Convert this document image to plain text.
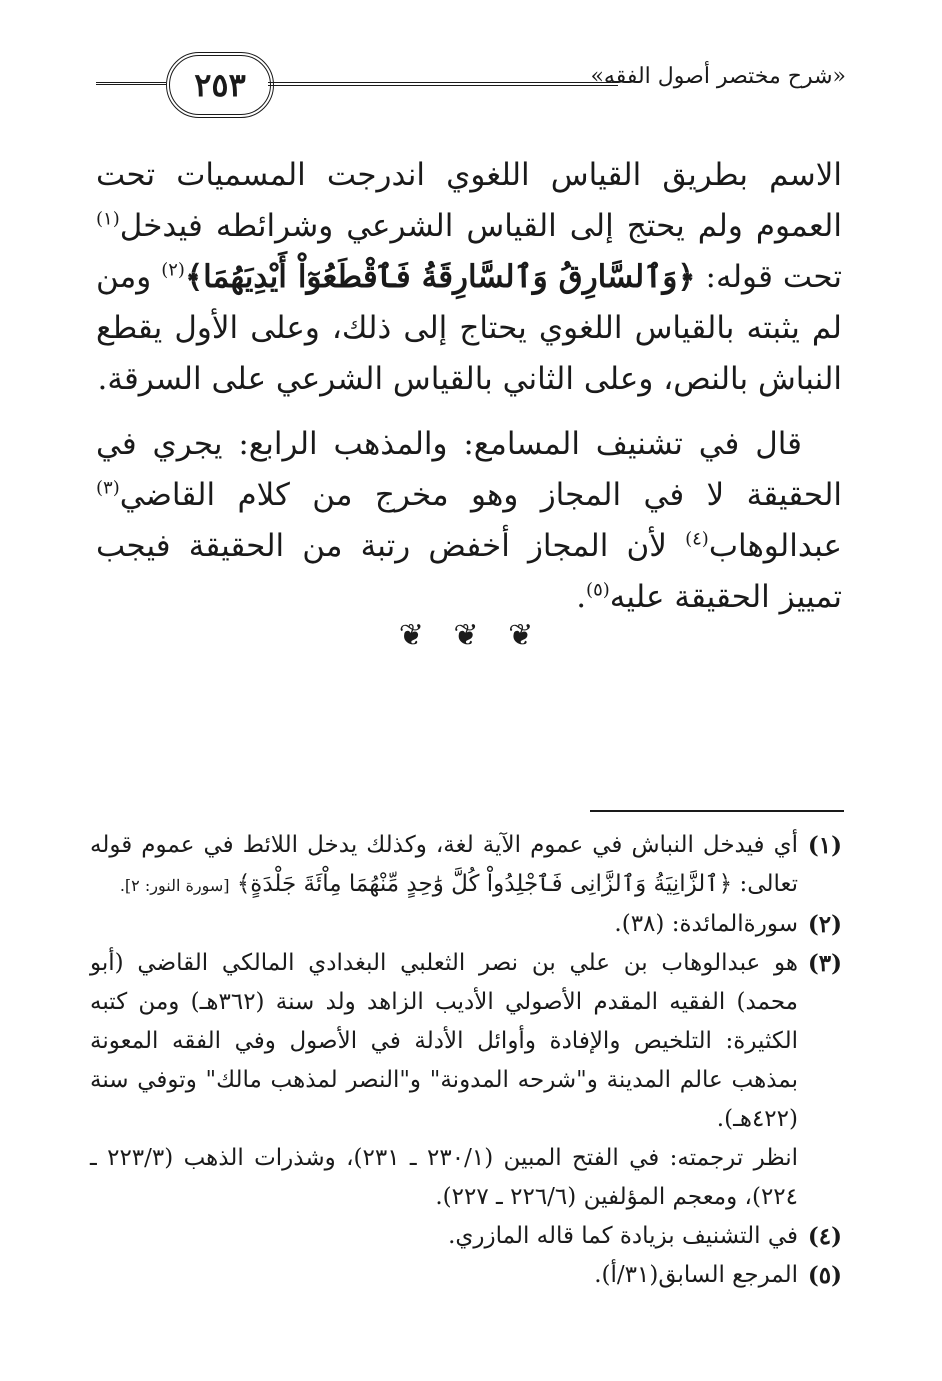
٢٥٣	«شرح مختصر أصول الفقه»

الاسم بطريق القياس اللغوي اندرجت المسميات تحت العموم ولم يحتج إلى القياس الشرعي وشرائطه فيدخل$^{(١)}$ تحت قوله: ﴿وَٱلسَّارِقُ وَٱلسَّارِقَةُ فَٱقْطَعُوٓاْ أَيْدِيَهُمَا﴾$^{(٢)}$ ومن لم يثبته بالقياس اللغوي يحتاج إلى ذلك، وعلى الأول يقطع النباش بالنص، وعلى الثاني بالقياس الشرعي على السرقة.

قال في تشنيف المسامع: والمذهب الرابع: يجري في الحقيقة لا في المجاز وهو مخرج من كلام القاضي$^{(٣)}$ عبدالوهاب$^{(٤)}$ لأن المجاز أخفض رتبة من الحقيقة فيجب تمييز الحقيقة عليه$^{(٥)}$.

❦ ❦ ❦
(١)
أي فيدخل النباش في عموم الآية لغة، وكذلك يدخل اللائط في عموم قوله تعالى: ﴿ٱلزَّانِيَةُ وَٱلزَّانِى فَٱجْلِدُواْ كُلَّ وَٰحِدٍ مِّنْهُمَا مِاْئَةَ جَلْدَةٍ﴾ [سورة النور: ٢].
(٢)
سورةالمائدة: (٣٨).
(٣)
هو عبدالوهاب بن علي بن نصر الثعلبي البغدادي المالكي القاضي (أبو محمد) الفقيه المقدم الأصولي الأديب الزاهد ولد سنة (٣٦٢هـ) ومن كتبه الكثيرة: التلخيص والإفادة وأوائل الأدلة في الأصول وفي الفقه المعونة بمذهب عالم المدينة و"شرحه المدونة" و"النصر لمذهب مالك" وتوفي سنة (٤٢٢هـ).
انظر ترجمته: في الفتح المبين (٢٣٠/١ ـ ٢٣١)، وشذرات الذهب (٢٢٣/٣ ـ ٢٢٤)، ومعجم المؤلفين (٢٢٦/٦ ـ ٢٢٧).
(٤)
في التشنيف بزيادة كما قاله المازري.
(٥)
المرجع السابق(٣١/أ).
